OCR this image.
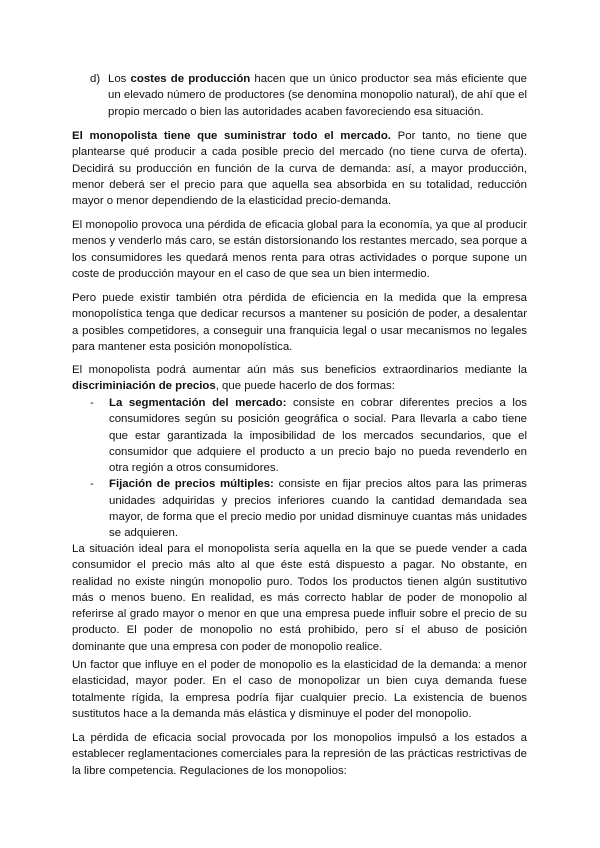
d) Los costes de producción hacen que un único productor sea más eficiente que un elevado número de productores (se denomina monopolio natural), de ahí que el propio mercado o bien las autoridades acaben favoreciendo esa situación.

El monopolista tiene que suministrar todo el mercado. Por tanto, no tiene que plantearse qué producir a cada posible precio del mercado (no tiene curva de oferta). Decidirá su producción en función de la curva de demanda: así, a mayor producción, menor deberá ser el precio para que aquella sea absorbida en su totalidad, reducción mayor o menor dependiendo de la elasticidad precio-demanda.

El monopolio provoca una pérdida de eficacia global para la economía, ya que al producir menos y venderlo más caro, se están distorsionando los restantes mercado, sea porque a los consumidores les quedará menos renta para otras actividades o porque supone un coste de producción mayour en el caso de que sea un bien intermedio.

Pero puede existir también otra pérdida de eficiencia en la medida que la empresa monopolística tenga que dedicar recursos a mantener su posición de poder, a desalentar a posibles competidores, a conseguir una franquicia legal o usar mecanismos no legales para mantener esta posición monopolística.

El monopolista podrá aumentar aún más sus beneficios extraordinarios mediante la discriminiación de precios, que puede hacerlo de dos formas:

- La segmentación del mercado: consiste en cobrar diferentes precios a los consumidores según su posición geográfica o social. Para llevarla a cabo tiene que estar garantizada la imposibilidad de los mercados secundarios, que el consumidor que adquiere el producto a un precio bajo no pueda revenderlo en otra región a otros consumidores.
- Fijación de precios múltiples: consiste en fijar precios altos para las primeras unidades adquiridas y precios inferiores cuando la cantidad demandada sea mayor, de forma que el precio medio por unidad disminuye cuantas más unidades se adquieren.

La situación ideal para el monopolista sería aquella en la que se puede vender a cada consumidor el precio más alto al que éste está dispuesto a pagar. No obstante, en realidad no existe ningún monopolio puro. Todos los productos tienen algún sustitutivo más o menos bueno. En realidad, es más correcto hablar de poder de monopolio al referirse al grado mayor o menor en que una empresa puede influir sobre el precio de su producto. El poder de monopolio no está prohibido, pero sí el abuso de posición dominante que una empresa con poder de monopolio realice.

Un factor que influye en el poder de monopolio es la elasticidad de la demanda: a menor elasticidad, mayor poder. En el caso de monopolizar un bien cuya demanda fuese totalmente rígida, la empresa podría fijar cualquier precio. La existencia de buenos sustitutos hace a la demanda más elástica y disminuye el poder del monopolio.

La pérdida de eficacia social provocada por los monopolios impulsó a los estados a establecer reglamentaciones comerciales para la represión de las prácticas restrictivas de la libre competencia. Regulaciones de los monopolios:
